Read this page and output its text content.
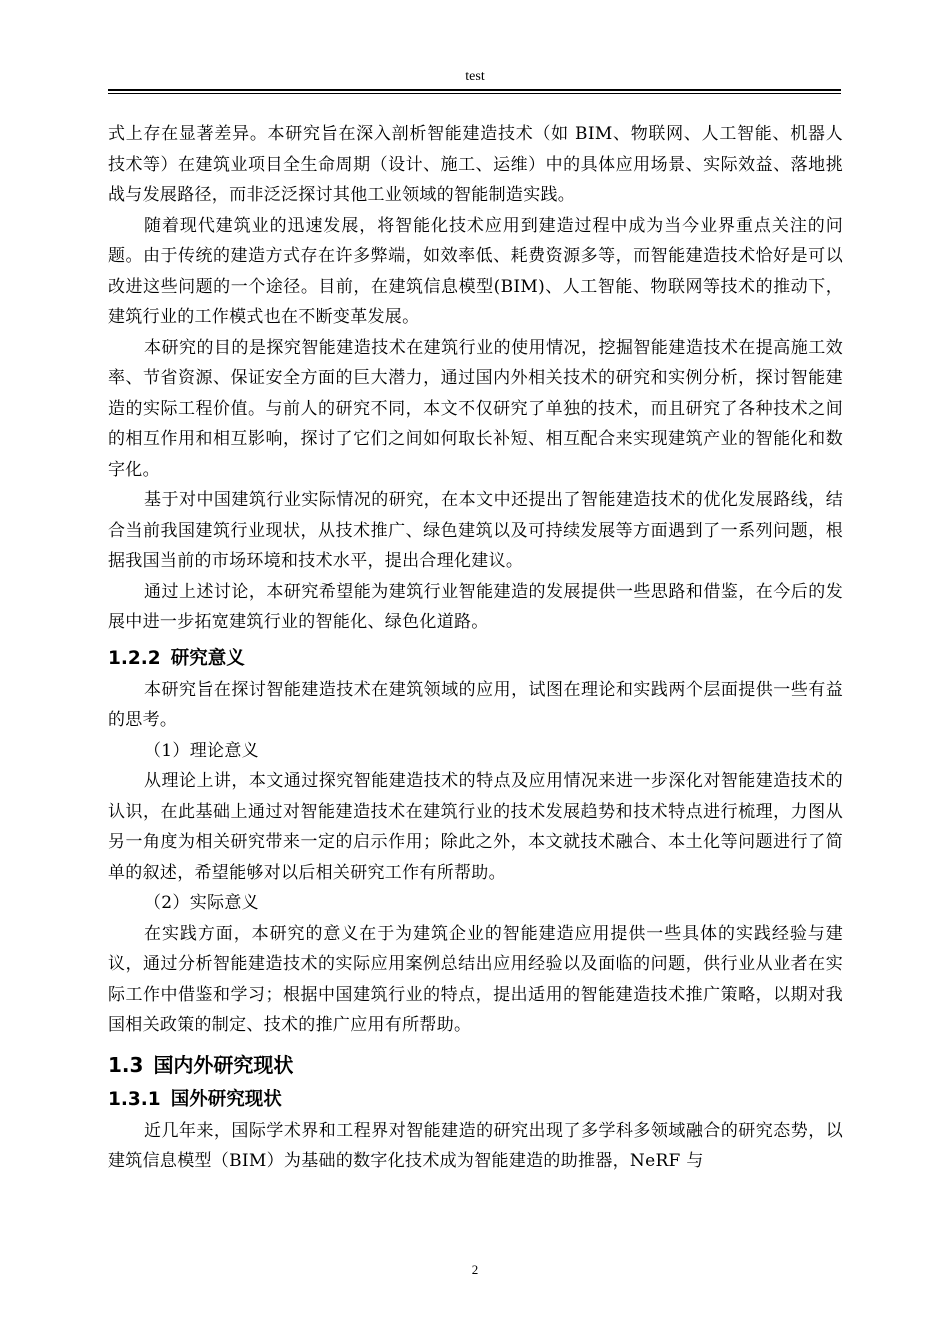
test

式上存在显著差异。本研究旨在深入剖析智能建造技术（如 BIM、物联网、人工智能、机器人技术等）在建筑业项目全生命周期（设计、施工、运维）中的具体应用场景、实际效益、落地挑战与发展路径，而非泛泛探讨其他工业领域的智能制造实践。

随着现代建筑业的迅速发展，将智能化技术应用到建造过程中成为当今业界重点关注的问题。由于传统的建造方式存在许多弊端，如效率低、耗费资源多等，而智能建造技术恰好是可以改进这些问题的一个途径。目前，在建筑信息模型(BIM)、人工智能、物联网等技术的推动下，建筑行业的工作模式也在不断变革发展。

本研究的目的是探究智能建造技术在建筑行业的使用情况，挖掘智能建造技术在提高施工效率、节省资源、保证安全方面的巨大潜力，通过国内外相关技术的研究和实例分析，探讨智能建造的实际工程价值。与前人的研究不同，本文不仅研究了单独的技术，而且研究了各种技术之间的相互作用和相互影响，探讨了它们之间如何取长补短、相互配合来实现建筑产业的智能化和数字化。

基于对中国建筑行业实际情况的研究，在本文中还提出了智能建造技术的优化发展路线，结合当前我国建筑行业现状，从技术推广、绿色建筑以及可持续发展等方面遇到了一系列问题，根据我国当前的市场环境和技术水平，提出合理化建议。

通过上述讨论，本研究希望能为建筑行业智能建造的发展提供一些思路和借鉴，在今后的发展中进一步拓宽建筑行业的智能化、绿色化道路。

1.2.2 研究意义

本研究旨在探讨智能建造技术在建筑领域的应用，试图在理论和实践两个层面提供一些有益的思考。

（1）理论意义

从理论上讲，本文通过探究智能建造技术的特点及应用情况来进一步深化对智能建造技术的认识，在此基础上通过对智能建造技术在建筑行业的技术发展趋势和技术特点进行梳理，力图从另一角度为相关研究带来一定的启示作用；除此之外，本文就技术融合、本土化等问题进行了简单的叙述，希望能够对以后相关研究工作有所帮助。

（2）实际意义

在实践方面，本研究的意义在于为建筑企业的智能建造应用提供一些具体的实践经验与建议，通过分析智能建造技术的实际应用案例总结出应用经验以及面临的问题，供行业从业者在实际工作中借鉴和学习；根据中国建筑行业的特点，提出适用的智能建造技术推广策略，以期对我国相关政策的制定、技术的推广应用有所帮助。

1.3 国内外研究现状
1.3.1 国外研究现状

近几年来，国际学术界和工程界对智能建造的研究出现了多学科多领域融合的研究态势，以建筑信息模型（BIM）为基础的数字化技术成为智能建造的助推器，NeRF 与

2
